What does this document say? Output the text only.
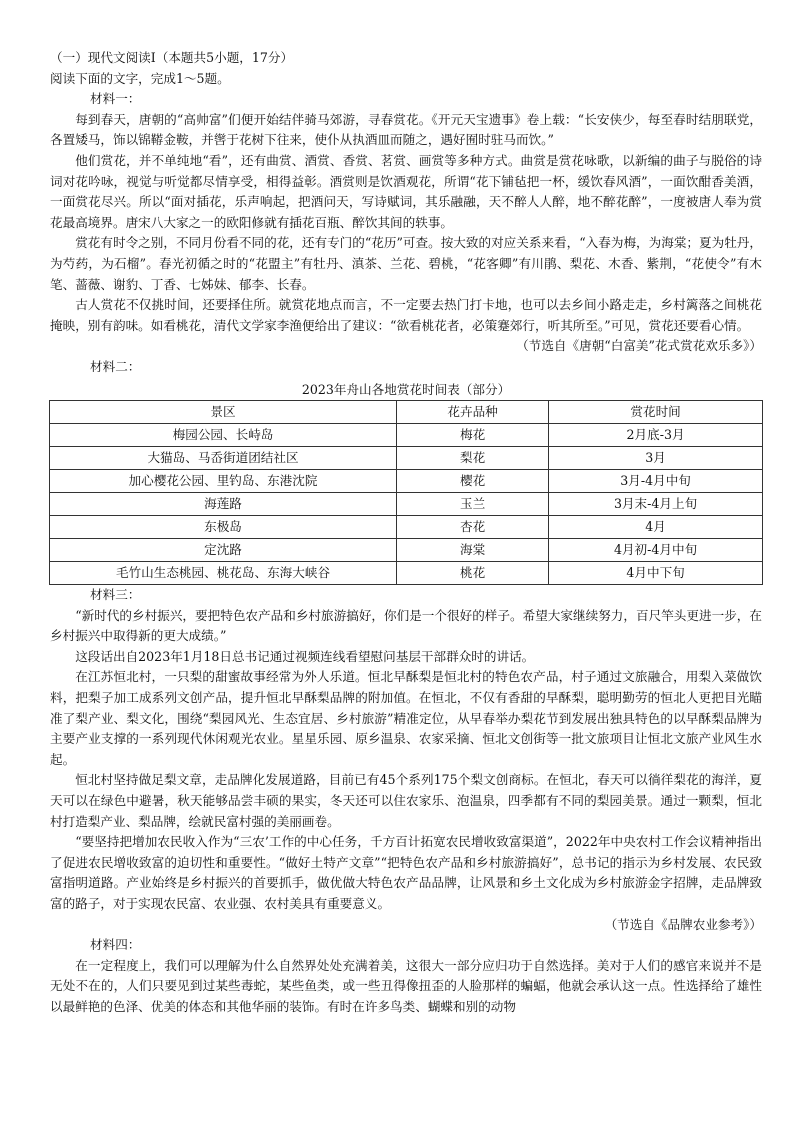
（一）现代文阅读Ⅰ（本题共5小题，17分）
阅读下面的文字，完成1～5题。
材料一：

每到春天，唐朝的“高帅富”们便开始结伴骑马郊游，寻春赏花。《开元天宝遗事》卷上载：“长安侠少，每至春时结朋联党，各置矮马，饰以锦鞯金鞍，并辔于花树下往来，使仆从执酒皿而随之，遇好囿时驻马而饮。”

他们赏花，并不单纯地“看”，还有曲赏、酒赏、香赏、茗赏、画赏等多种方式。曲赏是赏花咏歌，以新编的曲子与脱俗的诗词对花吟咏，视觉与听觉都尽情享受，相得益彰。酒赏则是饮酒观花，所谓“花下铺毡把一杯，缓饮春风酒”，一面饮酣香美酒，一面赏花尽兴。所以“面对插花，乐声响起，把酒问天，写诗赋词，其乐融融，天不醉人人醉，地不醉花醉”，一度被唐人奉为赏花最高境界。唐宋八大家之一的欧阳修就有插花百瓶、醉饮其间的轶事。

赏花有时令之别，不同月份看不同的花，还有专门的“花历”可查。按大致的对应关系来看，“入春为梅，为海棠；夏为牡丹，为芍药，为石榴”。春光初循之时的“花盟主”有牡丹、滇茶、兰花、碧桃，“花客卿”有川鹃、梨花、木香、紫荆，“花使令”有木笔、蔷薇、谢豹、丁香、七姊妹、郁李、长春。

古人赏花不仅挑时间，还要择住所。就赏花地点而言，不一定要去热门打卡地，也可以去乡间小路走走，乡村篱落之间桃花掩映，别有韵味。如看桃花，清代文学家李渔便给出了建议：“欲看桃花者，必策蹇郊行，听其所至。”可见，赏花还要看心情。

（节选自《唐朝“白富美”花式赏花欢乐多》）
材料二：
2023年舟山各地赏花时间表（部分）
景区	花卉品种	赏花时间
梅园公园、长峙岛	梅花	2月底-3月
大猫岛、马岙街道团结社区	梨花	3月
加心樱花公园、里钓岛、东港沈院	樱花	3月-4月中旬
海莲路	玉兰	3月末-4月上旬
东极岛	杏花	4月
定沈路	海棠	4月初-4月中旬
毛竹山生态桃园、桃花岛、东海大峡谷	桃花	4月中下旬
材料三：

“新时代的乡村振兴，要把特色农产品和乡村旅游搞好，你们是一个很好的样子。希望大家继续努力，百尺竿头更进一步，在乡村振兴中取得新的更大成绩。”

这段话出自2023年1月18日总书记通过视频连线看望慰问基层干部群众时的讲话。

在江苏恒北村，一只梨的甜蜜故事经常为外人乐道。恒北早酥梨是恒北村的特色农产品，村子通过文旅融合，用梨入菜做饮料，把梨子加工成系列文创产品，提升恒北早酥梨品牌的附加值。在恒北，不仅有香甜的早酥梨，聪明勤劳的恒北人更把目光瞄准了梨产业、梨文化，围绕“梨园风光、生态宜居、乡村旅游”精准定位，从早春举办梨花节到发展出独具特色的以早酥梨品牌为主要产业支撑的一系列现代休闲观光农业。星星乐园、原乡温泉、农家采摘、恒北文创街等一批文旅项目让恒北文旅产业风生水起。

恒北村坚持做足梨文章，走品牌化发展道路，目前已有45个系列175个梨文创商标。在恒北，春天可以徜徉梨花的海洋，夏天可以在绿色中避暑，秋天能够品尝丰硕的果实，冬天还可以住农家乐、泡温泉，四季都有不同的梨园美景。通过一颗梨，恒北村打造梨产业、梨品牌，绘就民富村强的美丽画卷。

“要坚持把增加农民收入作为“三农’工作的中心任务，千方百计拓宽农民增收致富渠道”，2022年中央农村工作会议精神指出了促进农民增收致富的迫切性和重要性。“做好土特产文章”“把特色农产品和乡村旅游搞好”，总书记的指示为乡村发展、农民致富指明道路。产业始终是乡村振兴的首要抓手，做优做大特色农产品品牌，让风景和乡土文化成为乡村旅游金字招牌，走品牌致富的路子，对于实现农民富、农业强、农村美具有重要意义。

（节选自《品牌农业参考》）
材料四：

在一定程度上，我们可以理解为什么自然界处处充满着美，这很大一部分应归功于自然选择。美对于人们的感官来说并不是无处不在的，人们只要见到过某些毒蛇，某些鱼类，或一些丑得像扭歪的人脸那样的蝙蝠，他就会承认这一点。性选择给了雄性以最鲜艳的色泽、优美的体态和其他华丽的装饰。有时在许多鸟类、蝴蝶和别的动物
